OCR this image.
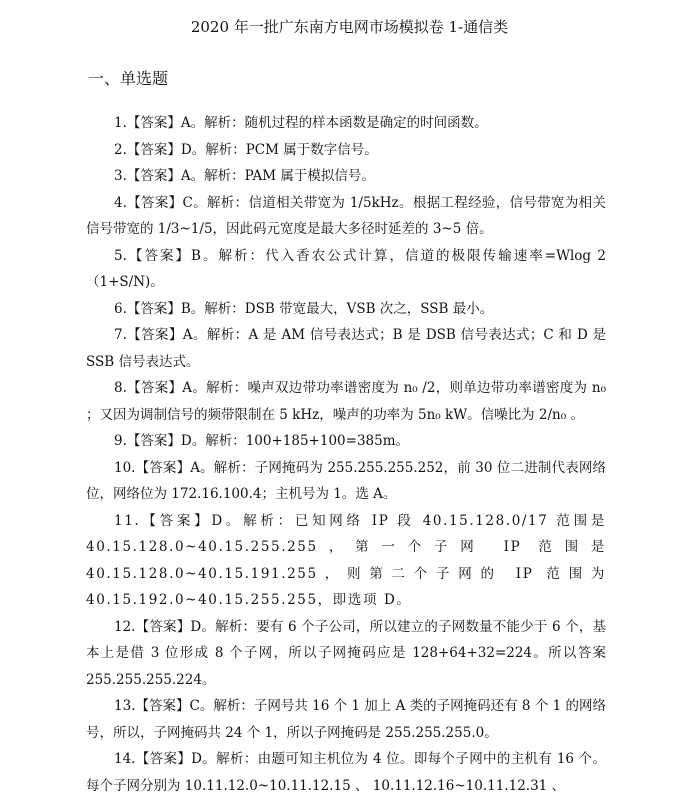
2020 年一批广东南方电网市场模拟卷 1-通信类
一、单选题

1.【答案】A。解析：随机过程的样本函数是确定的时间函数。

2.【答案】D。解析：PCM 属于数字信号。

3.【答案】A。解析：PAM 属于模拟信号。

4.【答案】C。解析：信道相关带宽为 1/5kHz。根据工程经验，信号带宽为相关信号带宽的 1/3~1/5，因此码元宽度是最大多径时延差的 3~5 倍。

5.【答案】B。解析：代入香农公式计算，信道的极限传输速率=Wlog 2 （1+S/N)。

6.【答案】B。解析：DSB 带宽最大，VSB 次之，SSB 最小。

7.【答案】A。解析：A 是 AM 信号表达式；B 是 DSB 信号表达式；C 和 D 是 SSB 信号表达式。

8.【答案】A。解析：噪声双边带功率谱密度为 n₀ /2，则单边带功率谱密度为 n₀ ；又因为调制信号的频带限制在 5 kHz，噪声的功率为 5n₀ kW。信噪比为 2/n₀ 。

9.【答案】D。解析：100+185+100=385m。

10.【答案】A。解析：子网掩码为 255.255.255.252，前 30 位二进制代表网络位，网络位为 172.16.100.4；主机号为 1。选 A。

11.【答案】D。解析：已知网络 IP 段 40.15.128.0/17 范围是40.15.128.0~40.15.255.255，第一个子网 IP 范围是 40.15.128.0~40.15.191.255，则第二个子网的 IP 范围为 40.15.192.0~40.15.255.255，即选项 D。

12.【答案】D。解析：要有 6 个子公司，所以建立的子网数量不能少于 6 个，基本上是借 3 位形成 8 个子网，所以子网掩码应是 128+64+32=224。所以答案255.255.255.224。

13.【答案】C。解析：子网号共 16 个 1 加上 A 类的子网掩码还有 8 个 1 的网络号，所以，子网掩码共 24 个 1，所以子网掩码是 255.255.255.0。

14.【答案】D。解析：由题可知主机位为 4 位。即每个子网中的主机有 16 个。每个子网分别为 10.11.12.0~10.11.12.15 、 10.11.12.16~10.11.12.31 、
